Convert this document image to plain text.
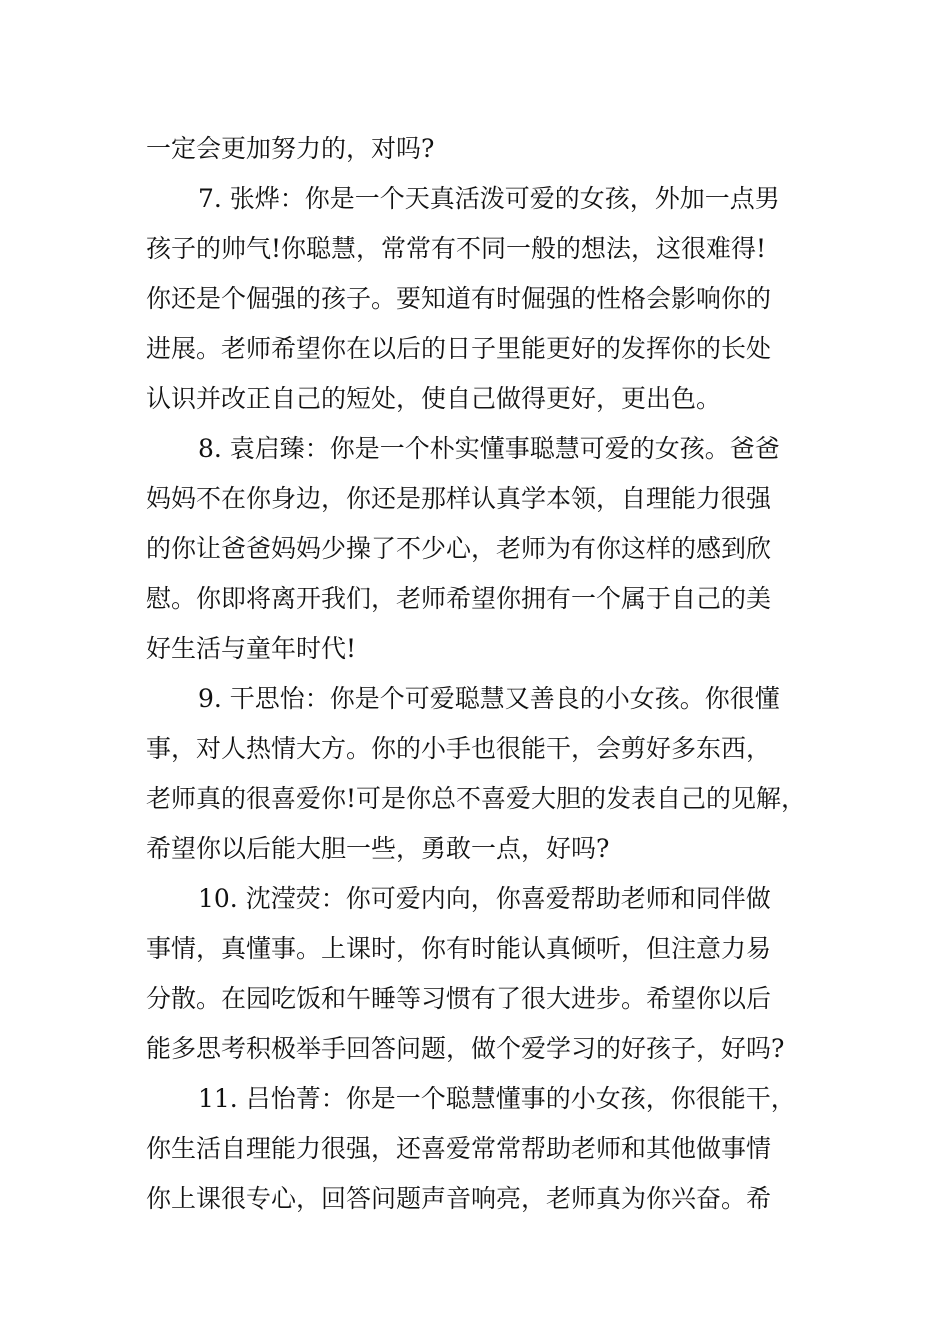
一定会更加努力的，对吗?
7. 张烨：你是一个天真活泼可爱的女孩，外加一点男
孩子的帅气!你聪慧，常常有不同一般的想法，这很难得!
你还是个倔强的孩子。要知道有时倔强的性格会影响你的
进展。老师希望你在以后的日子里能更好的发挥你的长处
认识并改正自己的短处，使自己做得更好，更出色。
8. 袁启臻：你是一个朴实懂事聪慧可爱的女孩。爸爸
妈妈不在你身边，你还是那样认真学本领，自理能力很强
的你让爸爸妈妈少操了不少心，老师为有你这样的感到欣
慰。你即将离开我们，老师希望你拥有一个属于自己的美
好生活与童年时代!
9. 干思怡：你是个可爱聪慧又善良的小女孩。你很懂
事，对人热情大方。你的小手也很能干，会剪好多东西，
老师真的很喜爱你!可是你总不喜爱大胆的发表自己的见解，
希望你以后能大胆一些，勇敢一点，好吗?
10. 沈滢荧：你可爱内向，你喜爱帮助老师和同伴做
事情，真懂事。上课时，你有时能认真倾听，但注意力易
分散。在园吃饭和午睡等习惯有了很大进步。希望你以后
能多思考积极举手回答问题，做个爱学习的好孩子，好吗?
11. 吕怡菁：你是一个聪慧懂事的小女孩，你很能干，
你生活自理能力很强，还喜爱常常帮助老师和其他做事情
你上课很专心，回答问题声音响亮，老师真为你兴奋。希
